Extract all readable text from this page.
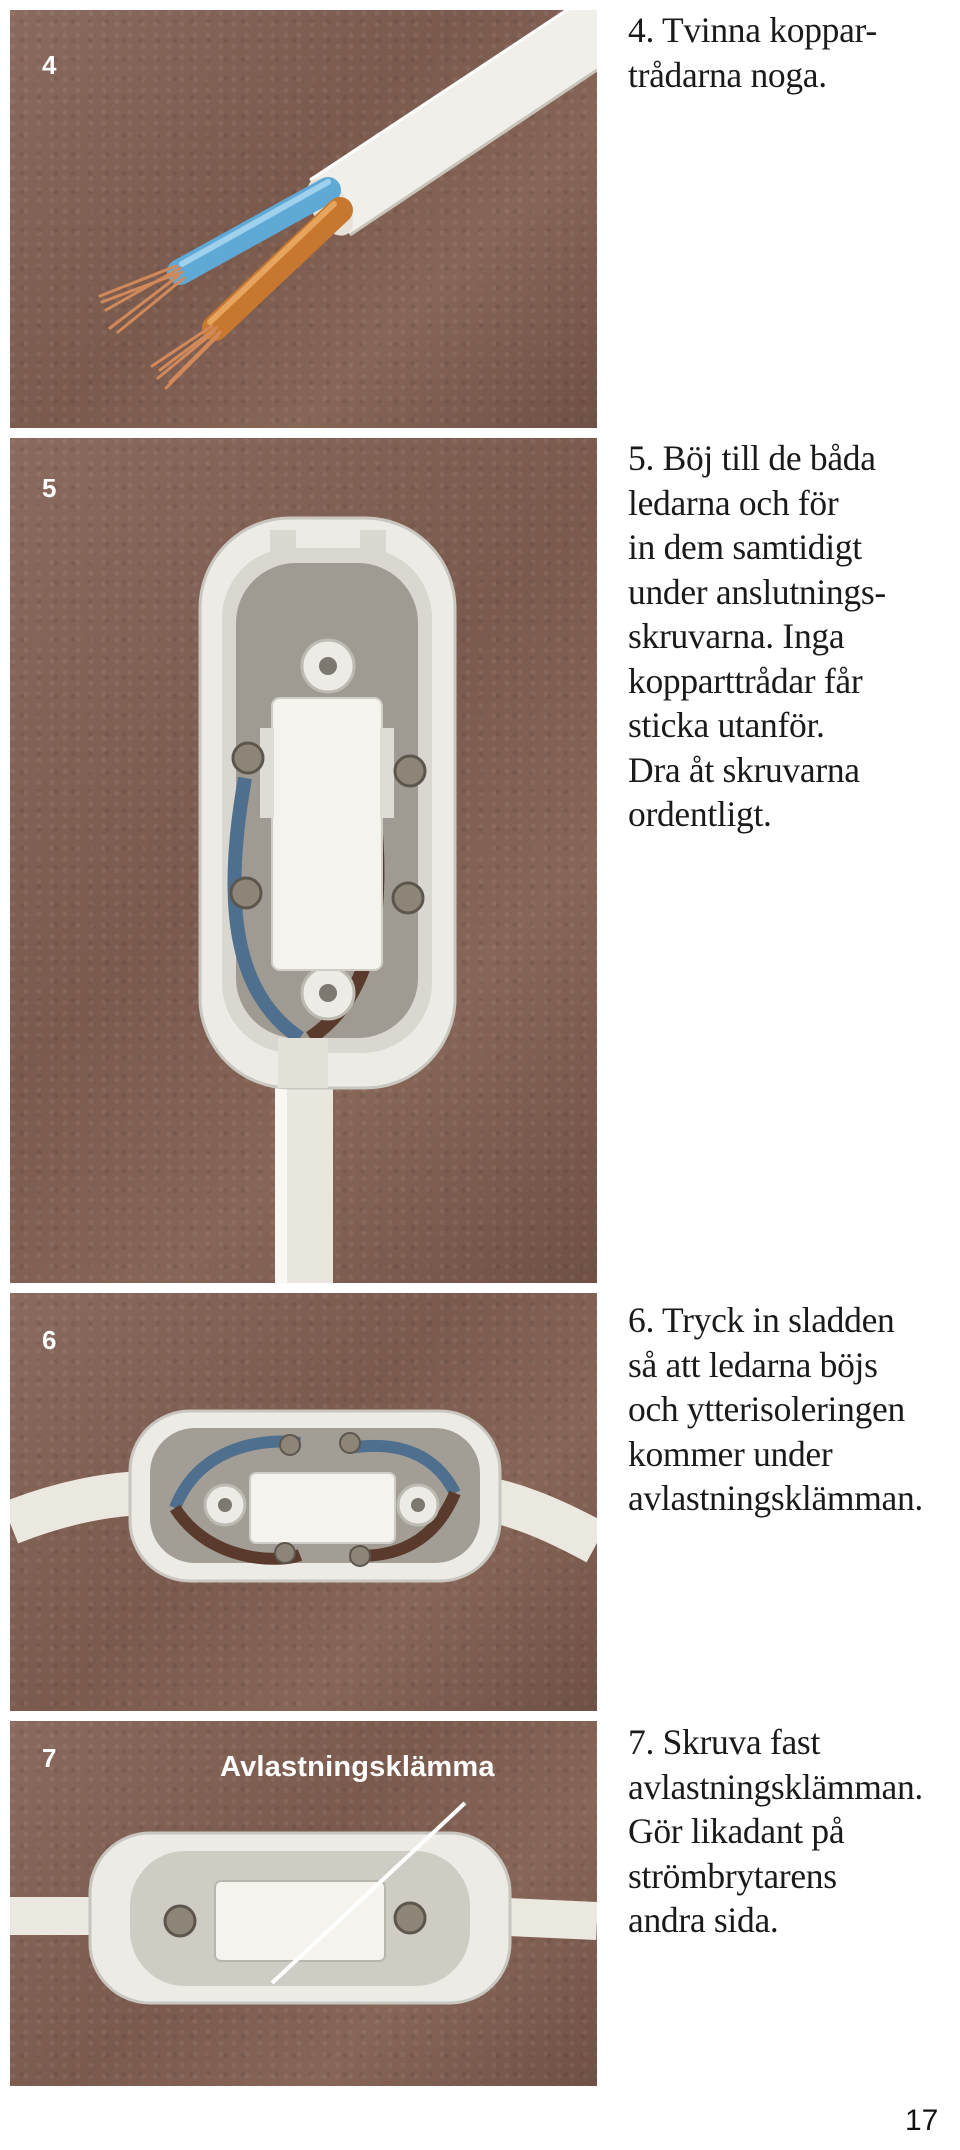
4
5
6
7	Avlastningsklämma
4. Tvinna koppar-
trådarna noga.
5. Böj till de båda
ledarna och för
in dem samtidigt
under anslutnings-
skruvarna. Inga
kopparttrådar får
sticka utanför.
Dra åt skruvarna
ordentligt.
6. Tryck in sladden
så att ledarna böjs
och ytterisoleringen
kommer under
avlastningsklämman.
7. Skruva fast
avlastningsklämman.
Gör likadant på
strömbrytarens
andra sida.
17
